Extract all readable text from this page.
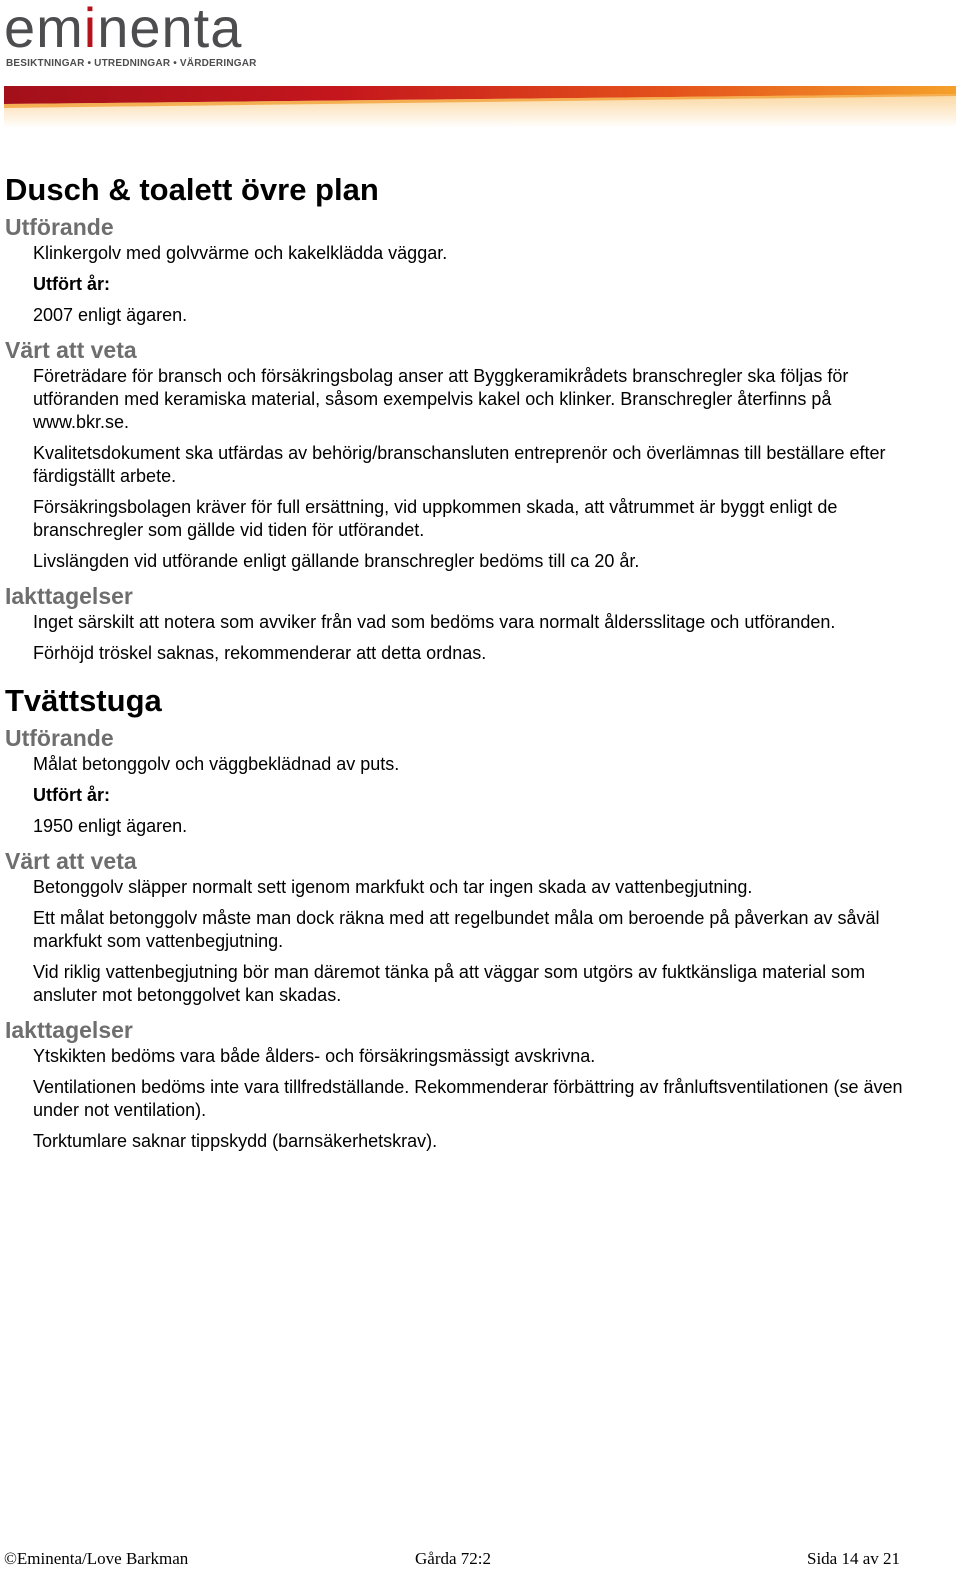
eminenta
BESIKTNINGAR • UTREDNINGAR • VÄRDERINGAR
Dusch & toalett övre plan
Utförande

Klinkergolv med golvvärme och kakelklädda väggar.

Utfört år:

2007 enligt ägaren.

Värt att veta

Företrädare för bransch och försäkringsbolag anser att Byggkeramikrådets branschregler ska följas för utföranden med keramiska material, såsom exempelvis kakel och klinker. Branschregler återfinns på www.bkr.se.

Kvalitetsdokument ska utfärdas av behörig/branschansluten entreprenör och överlämnas till beställare efter färdigställt arbete.

Försäkringsbolagen kräver för full ersättning, vid uppkommen skada, att våtrummet är byggt enligt de branschregler som gällde vid tiden för utförandet.

Livslängden vid utförande enligt gällande branschregler bedöms till ca 20 år.

Iakttagelser

Inget särskilt att notera som avviker från vad som bedöms vara normalt åldersslitage och utföranden.

Förhöjd tröskel saknas, rekommenderar att detta ordnas.

Tvättstuga
Utförande

Målat betonggolv och väggbeklädnad av puts.

Utfört år:

1950 enligt ägaren.

Värt att veta

Betonggolv släpper normalt sett igenom markfukt och tar ingen skada av vattenbegjutning.

Ett målat betonggolv måste man dock räkna med att regelbundet måla om beroende på påverkan av såväl markfukt som vattenbegjutning.

Vid riklig vattenbegjutning bör man däremot tänka på att väggar som utgörs av fuktkänsliga material som ansluter mot betonggolvet kan skadas.

Iakttagelser

Ytskikten bedöms vara både ålders- och försäkringsmässigt avskrivna.

Ventilationen bedöms inte vara tillfredställande. Rekommenderar förbättring av frånluftsventilationen (se även under not ventilation).

Torktumlare saknar tippskydd (barnsäkerhetskrav).

©Eminenta/Love Barkman	Gårda 72:2	Sida 14 av 21
